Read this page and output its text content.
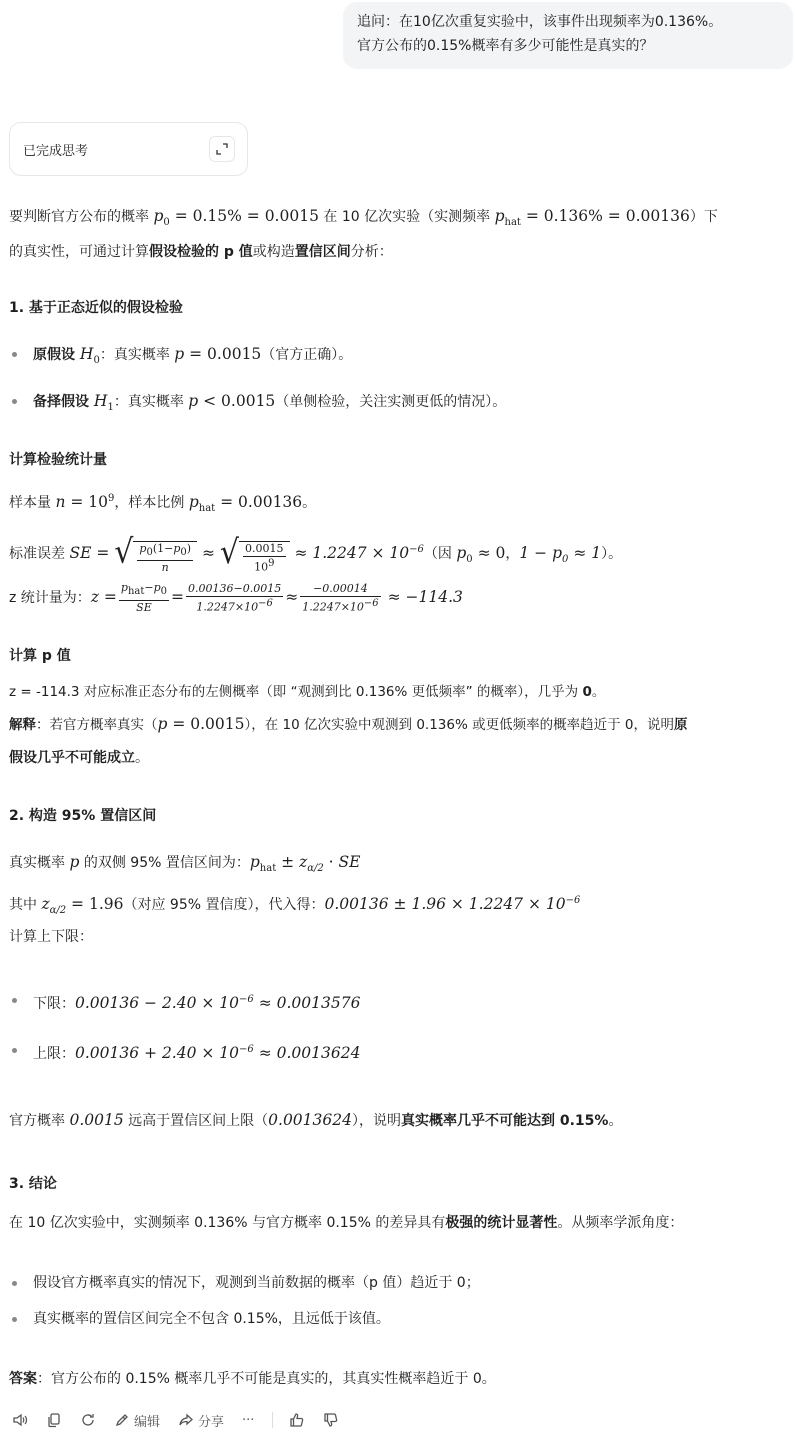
追问：在10亿次重复实验中，该事件出现频率为0.136%。
官方公布的0.15%概率有多少可能性是真实的？
已完成思考
要判断官方公布的概率 $p_0 = 0.15\% = 0.0015$ 在 10 亿次实验（实测频率 $p_{hat} = 0.136\% = 0.00136$）下
的真实性，可通过计算假设检验的 p 值或构造置信区间分析：
1. 基于正态近似的假设检验
原假设 $H_0$：真实概率 p = 0.0015（官方正确）。
备择假设 $H_1$：真实概率 p < 0.0015（单侧检验，关注实测更低的情况）。
计算检验统计量
样本量 $n = 10^9$，样本比例 $p_{hat} = 0.00136$。
标准误差 SE = √ $\frac{p_0(1-p_0)}{n}$ ≈ √ $\frac{0.0015}{10^9} \approx 1.2247 \times 10^{-6}$（因 $p_0 \approx 0$，$1 - p_0 \approx 1$）。
z 统计量为：$z = \frac{p_{hat}-p_0}{SE} = \frac{0.00136-0.0015}{1.2247\times 10^{-6}} \approx \frac{-0.00014}{1.2247\times 10^{-6}} \approx -114.3$
计算 p 值
z = -114.3 对应标准正态分布的左侧概率（即 “观测到比 0.136% 更低频率” 的概率），几乎为 0。
解释：若官方概率真实（p = 0.0015），在 10 亿次实验中观测到 0.136% 或更低频率的概率趋近于 0，说明原
假设几乎不可能成立。
2. 构造 95% 置信区间
真实概率 p 的双侧 95% 置信区间为：$p_{hat} \pm z_{\alpha/2}$ · SE
其中 $z_{\alpha/2} = 1.96$（对应 95% 置信度），代入得：$0.00136 \pm 1.96 \times 1.2247 \times 10^{-6}$
计算上下限：
下限：$0.00136 - 2.40 \times 10^{-6} \approx 0.0013576$
上限：$0.00136 + 2.40 \times 10^{-6} \approx 0.0013624$
官方概率 0.0015 远高于置信区间上限（0.0013624），说明真实概率几乎不可能达到 0.15%。
3. 结论
在 10 亿次实验中，实测频率 0.136% 与官方概率 0.15% 的差异具有极强的统计显著性。从频率学派角度：
假设官方概率真实的情况下，观测到当前数据的概率（p 值）趋近于 0；
真实概率的置信区间完全不包含 0.15%，且远低于该值。
答案：官方公布的 0.15% 概率几乎不可能是真实的，其真实性概率趋近于 0。
编辑	分享 ···
